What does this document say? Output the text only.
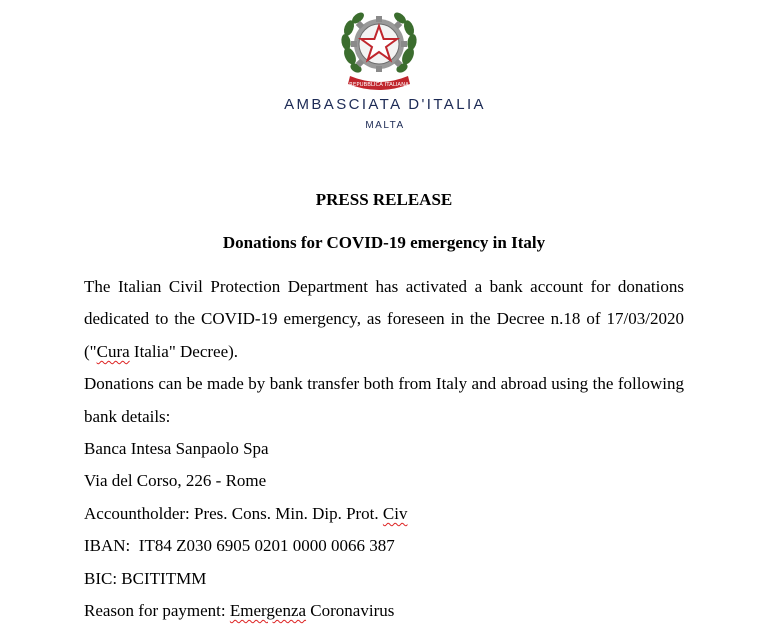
REPUBBLICA ITALIANA
AMBASCIATA D'ITALIA
MALTA
PRESS RELEASE
Donations for COVID-19 emergency in Italy

The Italian Civil Protection Department has activated a bank account for donations dedicated to the COVID-19 emergency, as foreseen in the Decree n.18 of 17/03/2020 ("Cura Italia" Decree).

Donations can be made by bank transfer both from Italy and abroad using the following bank details:

Banca Intesa Sanpaolo Spa

Via del Corso, 226 - Rome

Accountholder: Pres. Cons. Min. Dip. Prot. Civ

IBAN:  IT84 Z030 6905 0201 0000 0066 387

BIC: BCITITMM

Reason for payment: Emergenza Coronavirus
